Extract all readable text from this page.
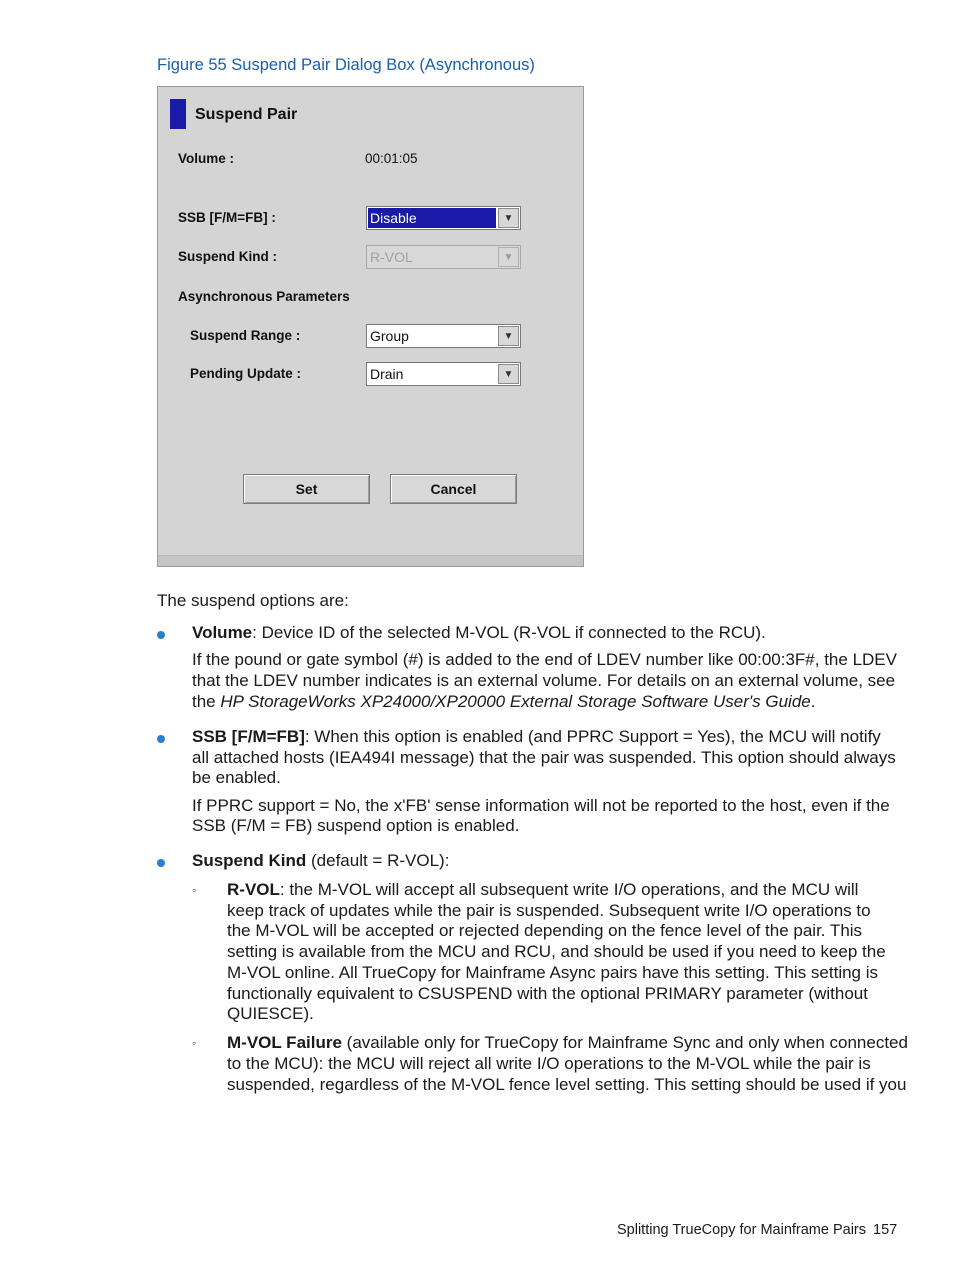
Figure 55 Suspend Pair Dialog Box (Asynchronous)
Suspend Pair
Volume :	00:01:05
SSB [F/M=FB] :	Disable	▼
Suspend Kind :	R-VOL	▼
Asynchronous Parameters
Suspend Range :	Group	▼
Pending Update :	Drain	▼
Set	Cancel
The suspend options are:
Volume: Device ID of the selected M-VOL (R-VOL if connected to the RCU).
If the pound or gate symbol (#) is added to the end of LDEV number like 00:00:3F#, the LDEV
that the LDEV number indicates is an external volume. For details on an external volume, see
the HP StorageWorks XP24000/XP20000 External Storage Software User's Guide.
SSB [F/M=FB]: When this option is enabled (and PPRC Support = Yes), the MCU will notify
all attached hosts (IEA494I message) that the pair was suspended. This option should always
be enabled.
If PPRC support = No, the x'FB' sense information will not be reported to the host, even if the
SSB (F/M = FB) suspend option is enabled.
Suspend Kind (default = R-VOL):
◦ R-VOL: the M-VOL will accept all subsequent write I/O operations, and the MCU will
keep track of updates while the pair is suspended. Subsequent write I/O operations to
the M-VOL will be accepted or rejected depending on the fence level of the pair. This
setting is available from the MCU and RCU, and should be used if you need to keep the
M-VOL online. All TrueCopy for Mainframe Async pairs have this setting. This setting is
functionally equivalent to CSUSPEND with the optional PRIMARY parameter (without
QUIESCE).
◦ M-VOL Failure (available only for TrueCopy for Mainframe Sync and only when connected
to the MCU): the MCU will reject all write I/O operations to the M-VOL while the pair is
suspended, regardless of the M-VOL fence level setting. This setting should be used if you
Splitting TrueCopy for Mainframe Pairs 157
